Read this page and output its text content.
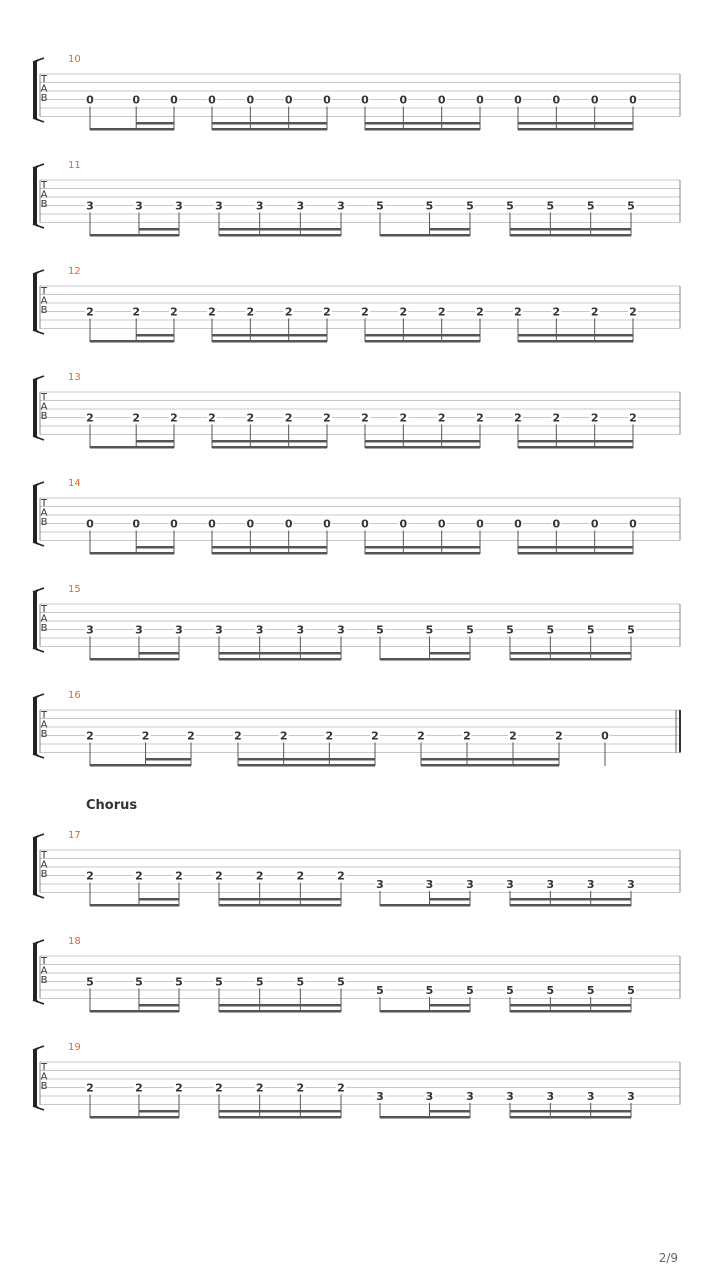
10
T
A
B	0	0	0	0	0	0	0	0	0	0	0	0	0	0	0
11
T
A
B	3	3	3	3	3	3	3	5	5	5	5	5	5	5
12
T
A
B	2	2	2	2	2	2	2	2	2	2	2	2	2	2	2
13
T
A
B	2	2	2	2	2	2	2	2	2	2	2	2	2	2	2
14
T
A
B	0	0	0	0	0	0	0	0	0	0	0	0	0	0	0
15
T
A
B	3	3	3	3	3	3	3	5	5	5	5	5	5	5
16
T
A
B	2	2	2	2	2	2	2	2	2	2	2	0
17
T
A
B	2	2	2	2	2	2	2
3	3	3	3	3	3	3
Chorus
18
T
A
B	5	5	5	5	5	5	5
5	5	5	5	5	5	5
19
T
A
B	2	2	2	2	2	2	2
3	3	3	3	3	3	3
2/9
